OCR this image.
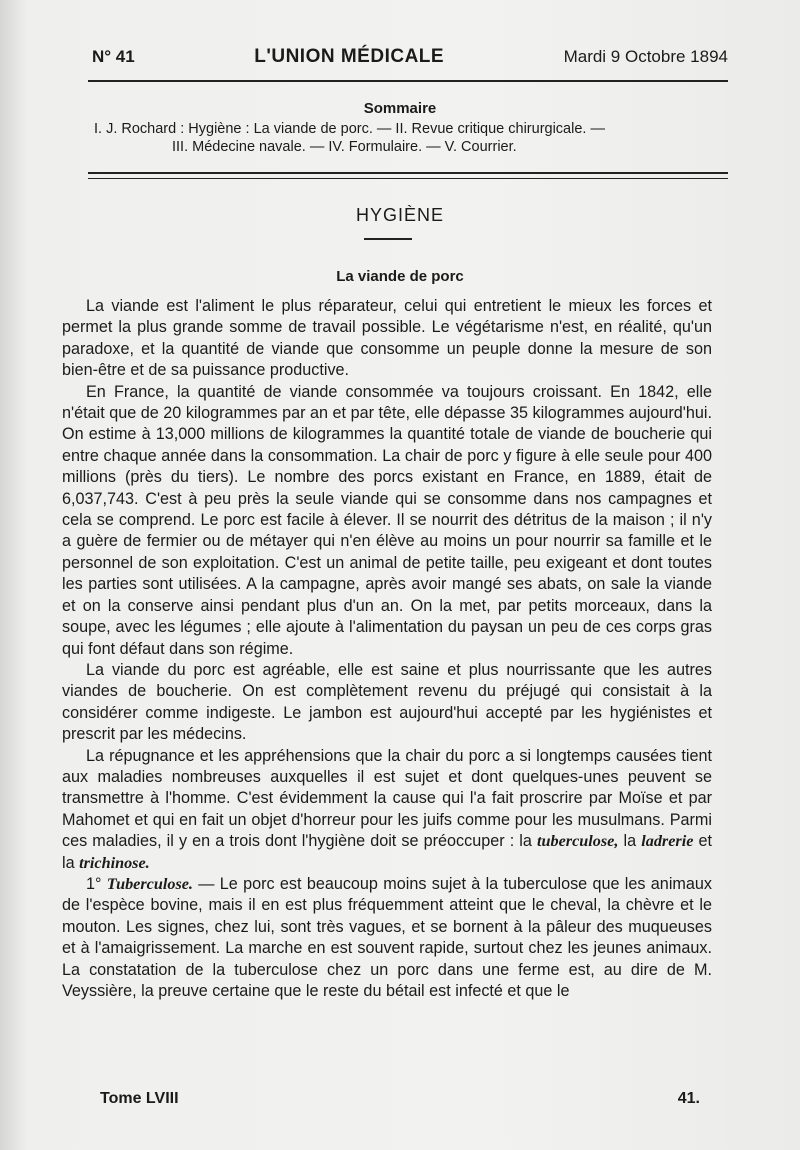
N° 41	L'UNION MÉDICALE	Mardi 9 Octobre 1894
Sommaire
I. J. Rochard : Hygiène : La viande de porc. — II. Revue critique chirurgicale. —
III. Médecine navale. — IV. Formulaire. — V. Courrier.
HYGIÈNE
La viande de porc

La viande est l'aliment le plus réparateur, celui qui entretient le mieux les forces et permet la plus grande somme de travail possible. Le végétarisme n'est, en réalité, qu'un paradoxe, et la quantité de viande que consomme un peuple donne la mesure de son bien-être et de sa puissance productive.

En France, la quantité de viande consommée va toujours croissant. En 1842, elle n'était que de 20 kilogrammes par an et par tête, elle dépasse 35 kilogrammes aujourd'hui. On estime à 13,000 millions de kilogrammes la quantité totale de viande de boucherie qui entre chaque année dans la consommation. La chair de porc y figure à elle seule pour 400 millions (près du tiers). Le nombre des porcs existant en France, en 1889, était de 6,037,743. C'est à peu près la seule viande qui se consomme dans nos campagnes et cela se comprend. Le porc est facile à élever. Il se nourrit des détritus de la maison ; il n'y a guère de fermier ou de métayer qui n'en élève au moins un pour nourrir sa famille et le personnel de son exploitation. C'est un animal de petite taille, peu exigeant et dont toutes les parties sont utilisées. A la campagne, après avoir mangé ses abats, on sale la viande et on la conserve ainsi pendant plus d'un an. On la met, par petits morceaux, dans la soupe, avec les légumes ; elle ajoute à l'alimentation du paysan un peu de ces corps gras qui font défaut dans son régime.

La viande du porc est agréable, elle est saine et plus nourrissante que les autres viandes de boucherie. On est complètement revenu du préjugé qui consistait à la considérer comme indigeste. Le jambon est aujourd'hui accepté par les hygiénistes et prescrit par les médecins.

La répugnance et les appréhensions que la chair du porc a si longtemps causées tient aux maladies nombreuses auxquelles il est sujet et dont quelques-unes peuvent se transmettre à l'homme. C'est évidemment la cause qui l'a fait proscrire par Moïse et par Mahomet et qui en fait un objet d'horreur pour les juifs comme pour les musulmans. Parmi ces maladies, il y en a trois dont l'hygiène doit se préoccuper : la tuberculose, la ladrerie et la trichinose.

1° Tuberculose. — Le porc est beaucoup moins sujet à la tuberculose que les animaux de l'espèce bovine, mais il en est plus fréquemment atteint que le cheval, la chèvre et le mouton. Les signes, chez lui, sont très vagues, et se bornent à la pâleur des muqueuses et à l'amaigrissement. La marche en est souvent rapide, surtout chez les jeunes animaux. La constatation de la tuberculose chez un porc dans une ferme est, au dire de M. Veyssière, la preuve certaine que le reste du bétail est infecté et que le

Tome LVIII	41.
